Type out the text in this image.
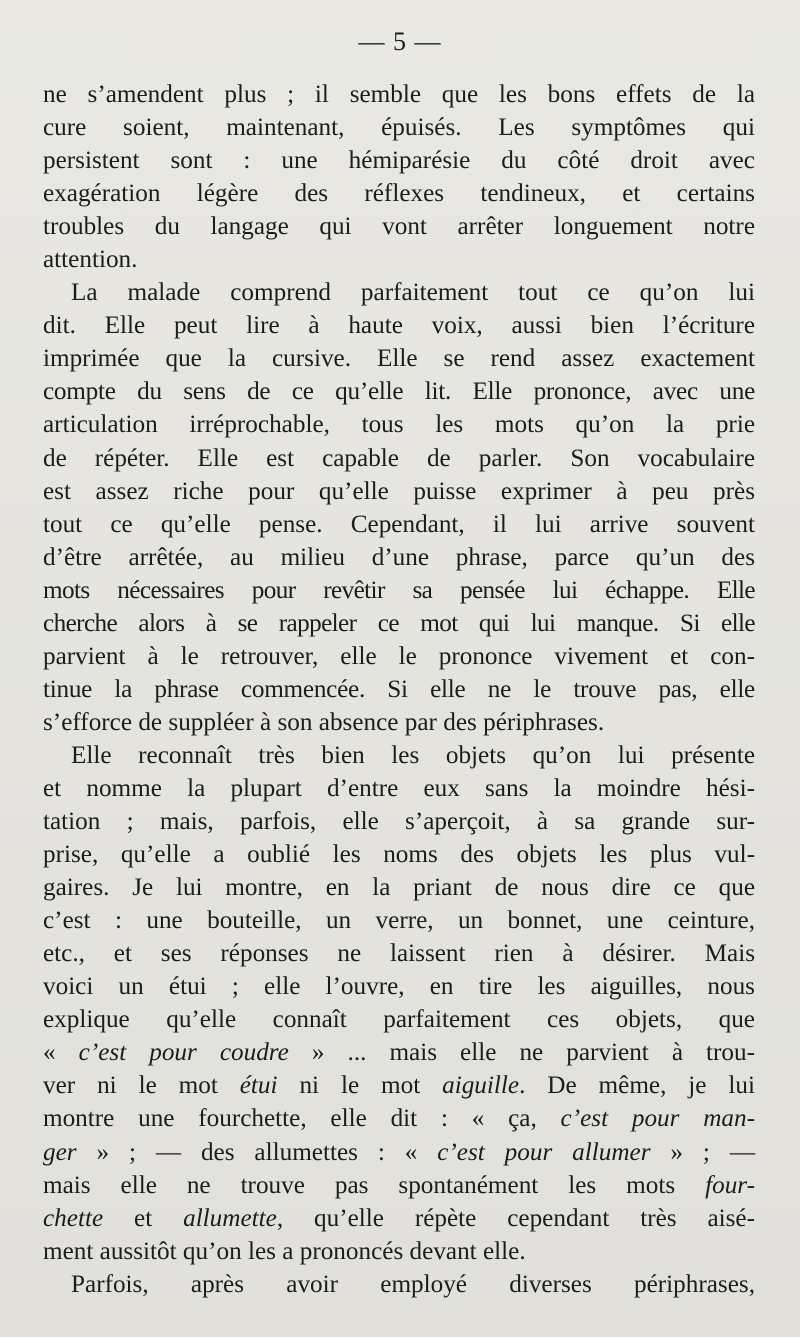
— 5 —
ne s’amendent plus ; il semble que les bons effets de la
cure soient, maintenant, épuisés. Les symptômes qui
persistent sont : une hémiparésie du côté droit avec
exagération légère des réflexes tendineux, et certains
troubles du langage qui vont arrêter longuement notre
attention.
La malade comprend parfaitement tout ce qu’on lui
dit. Elle peut lire à haute voix, aussi bien l’écriture
imprimée que la cursive. Elle se rend assez exactement
compte du sens de ce qu’elle lit. Elle prononce, avec une
articulation irréprochable, tous les mots qu’on la prie
de répéter. Elle est capable de parler. Son vocabulaire
est assez riche pour qu’elle puisse exprimer à peu près
tout ce qu’elle pense. Cependant, il lui arrive souvent
d’être arrêtée, au milieu d’une phrase, parce qu’un des
mots nécessaires pour revêtir sa pensée lui échappe. Elle
cherche alors à se rappeler ce mot qui lui manque. Si elle
parvient à le retrouver, elle le prononce vivement et con-
tinue la phrase commencée. Si elle ne le trouve pas, elle
s’efforce de suppléer à son absence par des périphrases.
Elle reconnaît très bien les objets qu’on lui présente
et nomme la plupart d’entre eux sans la moindre hési-
tation ; mais, parfois, elle s’aperçoit, à sa grande sur-
prise, qu’elle a oublié les noms des objets les plus vul-
gaires. Je lui montre, en la priant de nous dire ce que
c’est : une bouteille, un verre, un bonnet, une ceinture,
etc., et ses réponses ne laissent rien à désirer. Mais
voici un étui ; elle l’ouvre, en tire les aiguilles, nous
explique qu’elle connaît parfaitement ces objets, que
« c’est pour coudre » ... mais elle ne parvient à trou-
ver ni le mot étui ni le mot aiguille. De même, je lui
montre une fourchette, elle dit : « ça, c’est pour man-
ger » ; — des allumettes : « c’est pour allumer » ; —
mais elle ne trouve pas spontanément les mots four-
chette et allumette, qu’elle répète cependant très aisé-
ment aussitôt qu’on les a prononcés devant elle.
Parfois, après avoir employé diverses périphrases,
